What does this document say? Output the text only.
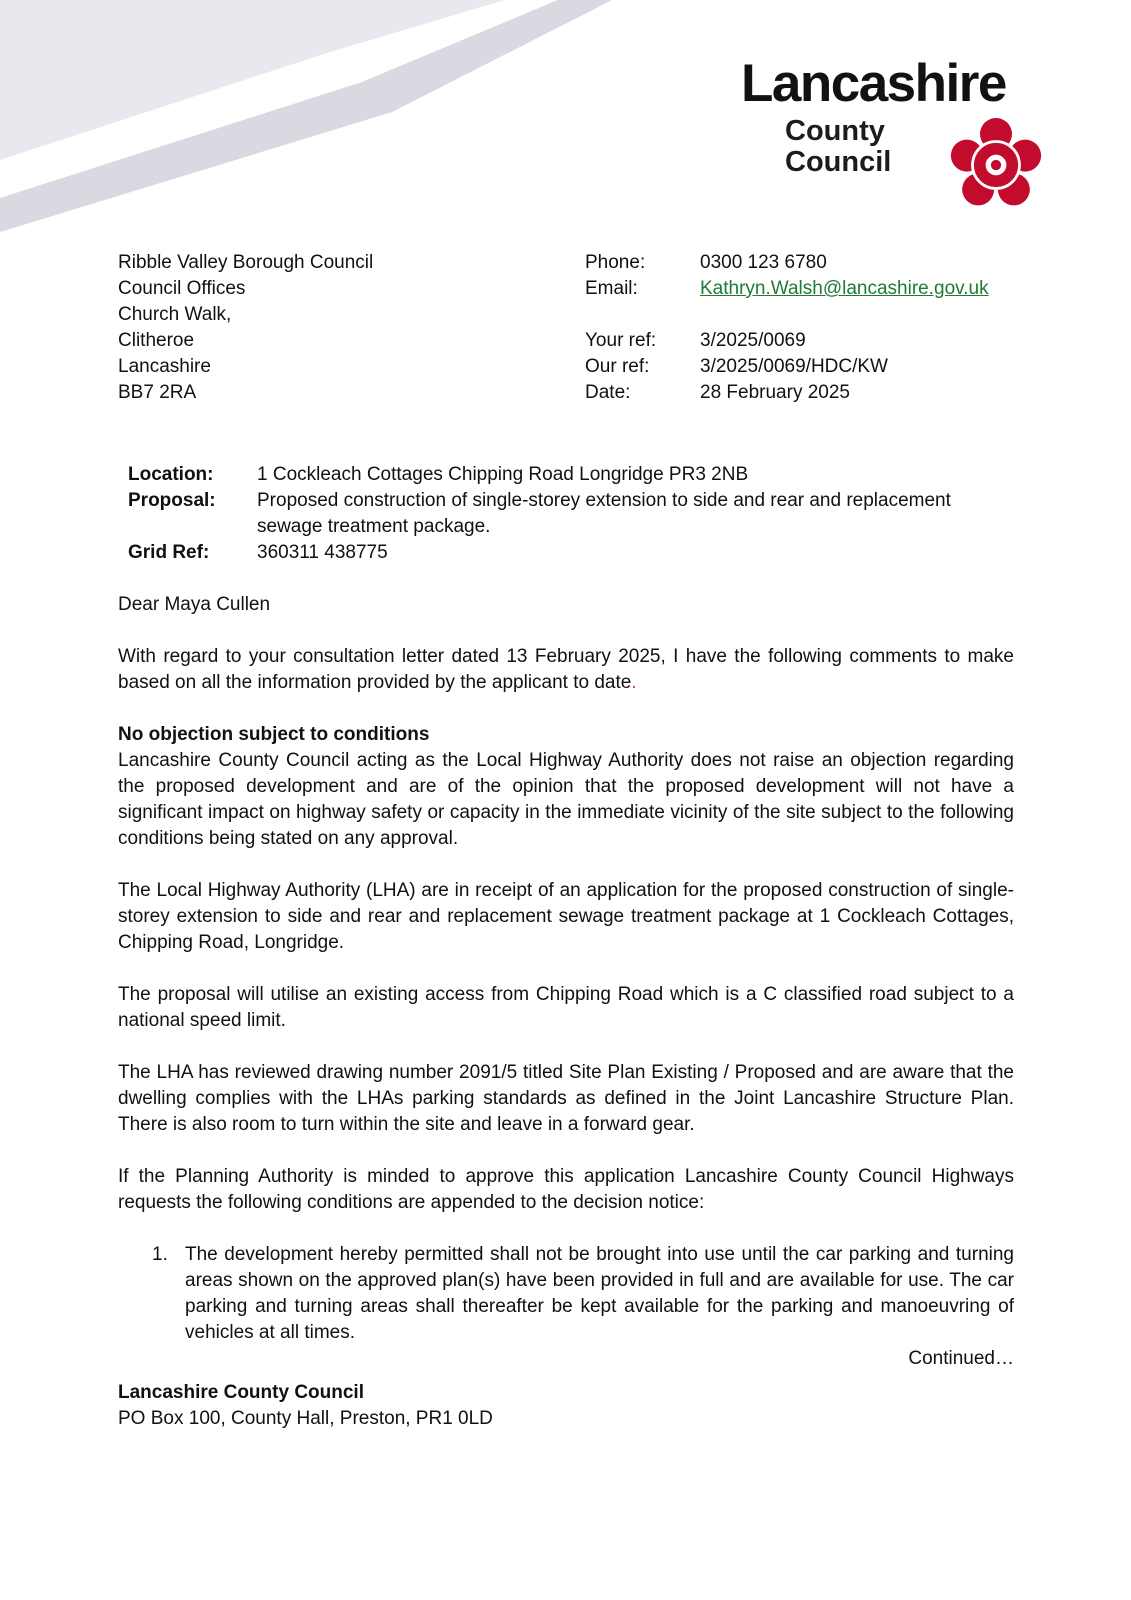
Lancashire
County
Council
Ribble Valley Borough Council
Council Offices
Church Walk,
Clitheroe
Lancashire
BB7 2RA
Phone:	0300 123 6780
Email:	Kathryn.Walsh@lancashire.gov.uk
Your ref:	3/2025/0069
Our ref:	3/2025/0069/HDC/KW
Date:	28 February 2025
Location:	1 Cockleach Cottages Chipping Road Longridge PR3 2NB
Proposal:	Proposed construction of single-storey extension to side and rear and replacement sewage treatment package.
Grid Ref:	360311 438775
Dear Maya Cullen

With regard to your consultation letter dated 13 February 2025, I have the following comments to make based on all the information provided by the applicant to date.

No objection subject to conditions

Lancashire County Council acting as the Local Highway Authority does not raise an objection regarding the proposed development and are of the opinion that the proposed development will not have a significant impact on highway safety or capacity in the immediate vicinity of the site subject to the following conditions being stated on any approval.

The Local Highway Authority (LHA) are in receipt of an application for the proposed construction of single-storey extension to side and rear and replacement sewage treatment package at 1 Cockleach Cottages, Chipping Road, Longridge.

The proposal will utilise an existing access from Chipping Road which is a C classified road subject to a national speed limit.

The LHA has reviewed drawing number 2091/5 titled Site Plan Existing / Proposed and are aware that the dwelling complies with the LHAs parking standards as defined in the Joint Lancashire Structure Plan. There is also room to turn within the site and leave in a forward gear.

If the Planning Authority is minded to approve this application Lancashire County Council Highways requests the following conditions are appended to the decision notice:

1. The development hereby permitted shall not be brought into use until the car parking and turning areas shown on the approved plan(s) have been provided in full and are available for use. The car parking and turning areas shall thereafter be kept available for the parking and manoeuvring of vehicles at all times.
Continued…
Lancashire County Council
PO Box 100, County Hall, Preston, PR1 0LD
